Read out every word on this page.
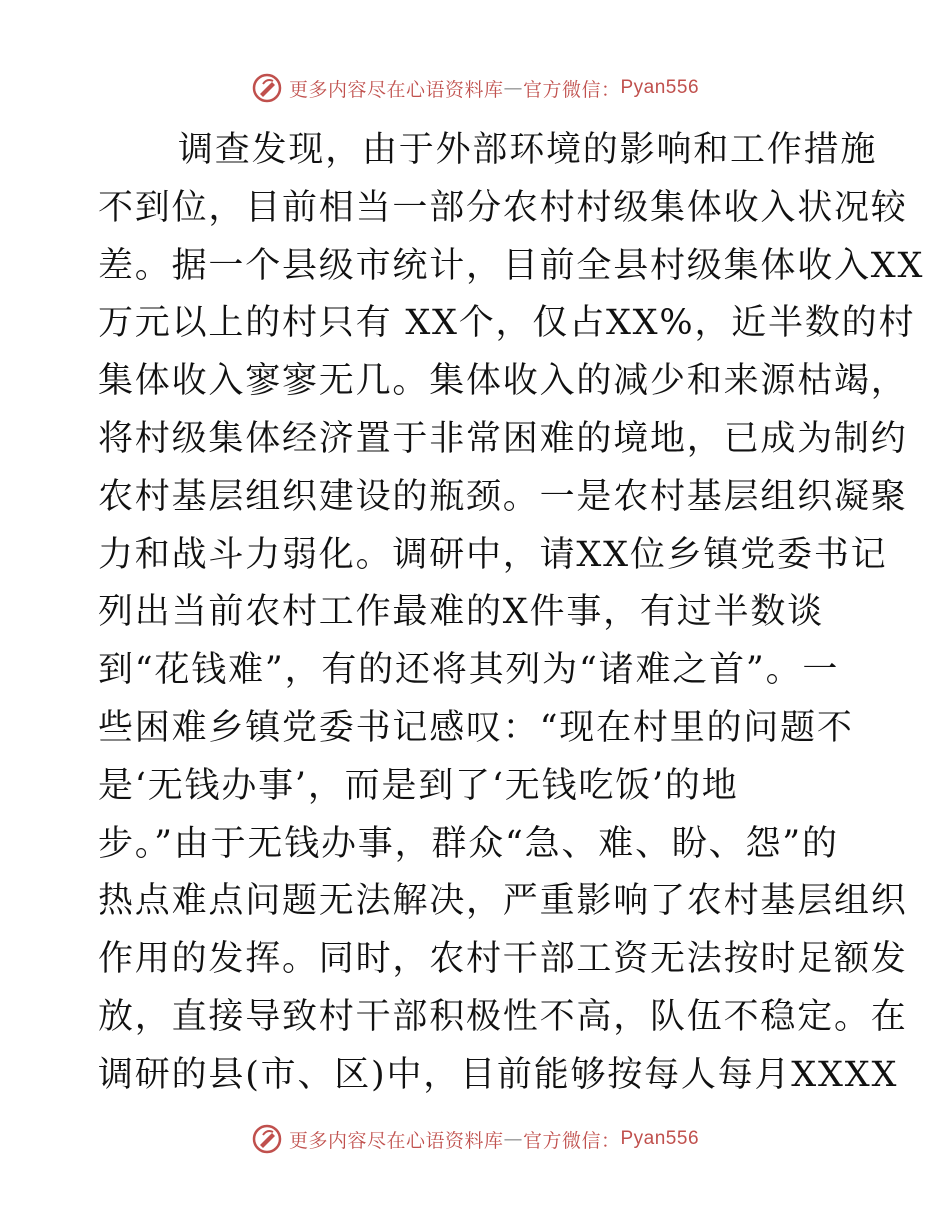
更多内容尽在心语资料库 — 官方微信： Pyan556
调查发现，由于外部环境的影响和工作措施
不到位，目前相当一部分农村村级集体收入状况较
差。据一个县级市统计，目前全县村级集体收入XX
万元以上的村只有 XX个，仅占XX%，近半数的村
集体收入寥寥无几。集体收入的减少和来源枯竭，
将村级集体经济置于非常困难的境地，已成为制约
农村基层组织建设的瓶颈。一是农村基层组织凝聚
力和战斗力弱化。调研中，请XX位乡镇党委书记
列出当前农村工作最难的X件事，有过半数谈
到“花钱难”，有的还将其列为“诸难之首”。一
些困难乡镇党委书记感叹：“现在村里的问题不
是‘无钱办事’，而是到了‘无钱吃饭’的地
步。”由于无钱办事，群众“急、难、盼、怨”的
热点难点问题无法解决，严重影响了农村基层组织
作用的发挥。同时，农村干部工资无法按时足额发
放，直接导致村干部积极性不高，队伍不稳定。在
调研的县(市、区)中，目前能够按每人每月XXXX
更多内容尽在心语资料库 — 官方微信： Pyan556
